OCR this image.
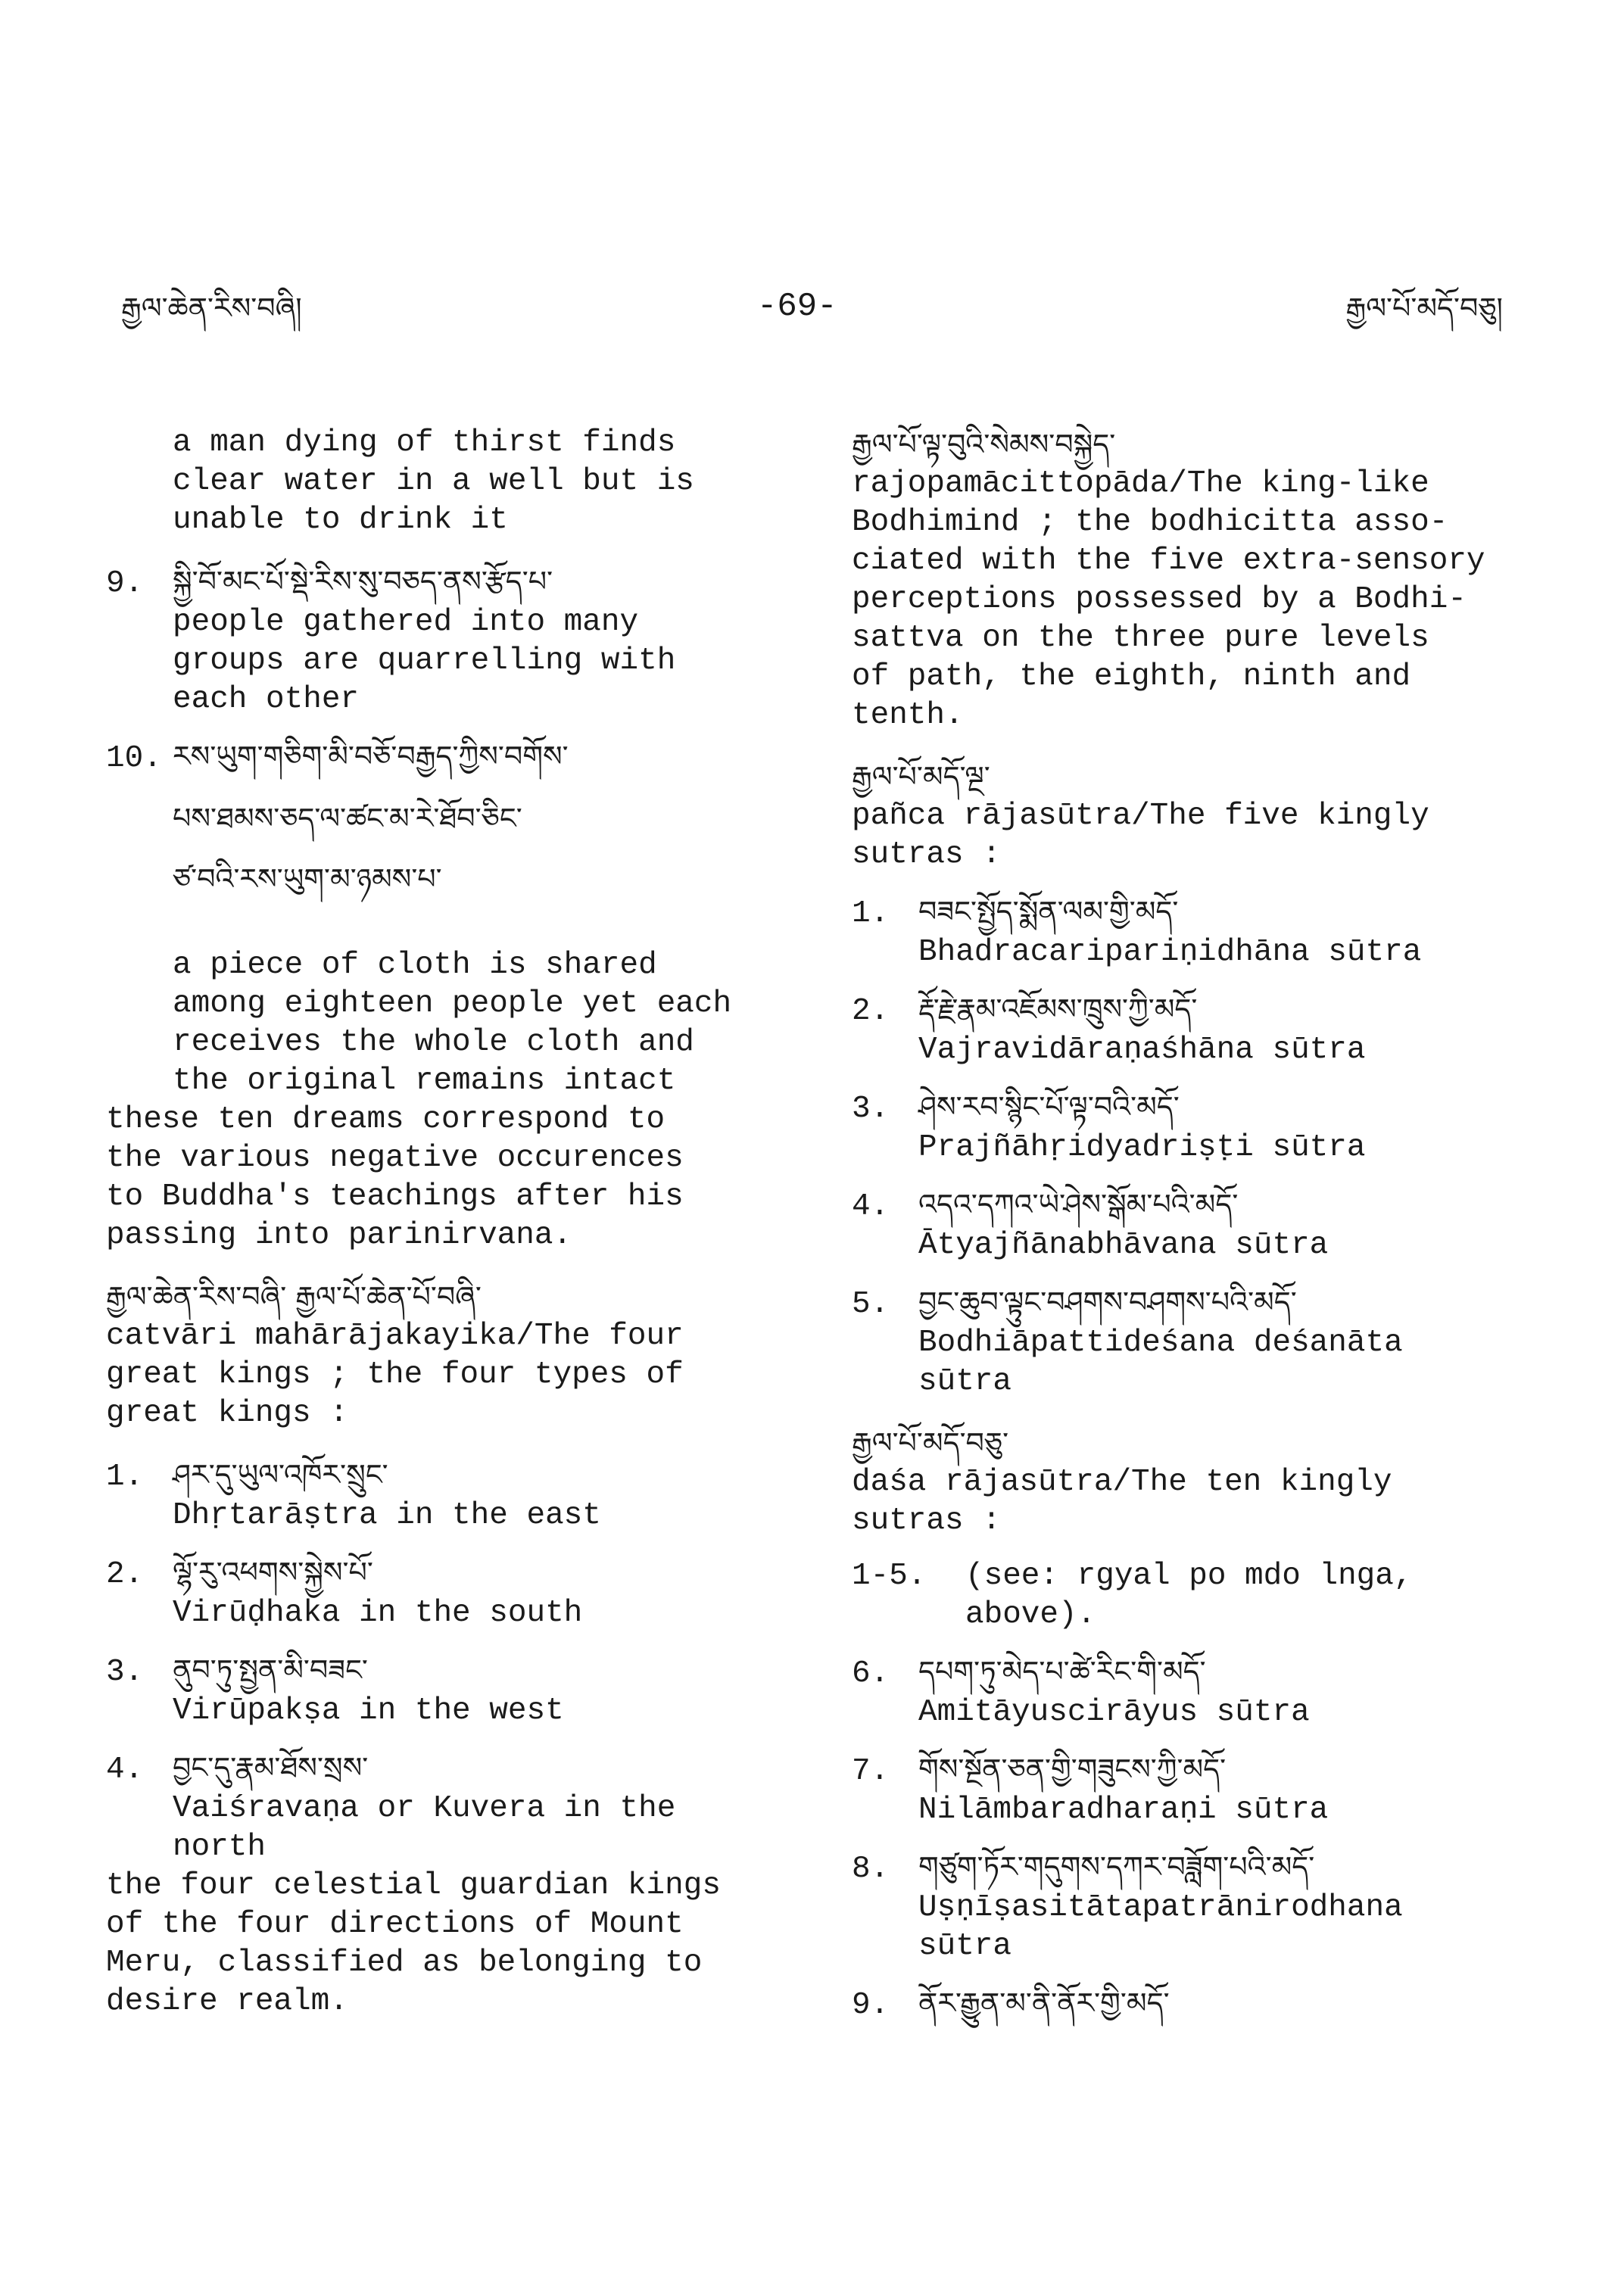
རྒྱལ་ཆེན་རིས་བཞི།	-69-	རྒྱལ་པོ་མདོ་བཅུ།
a man dying of thirst finds
clear water in a well but is
unable to drink it
9. སྐྱི་བོ་མང་པོ་སྡེ་རིས་སུ་བཅད་ནས་རྩོད་པ་
people gathered into many
groups are quarrelling with
each other
10. རས་ཡུག་གཅིག་མི་བཅོ་བརྒྱད་ཀྱིས་བགོས་
པས་ཐམས་ཅད་ལ་ཚང་མ་རེ་ཐོབ་ཅིང་
ཙ་བའི་རས་ཡུག་མ་ཉམས་པ་
a piece of cloth is shared
among eighteen people yet each
receives the whole cloth and
the original remains intact
these ten dreams correspond to
the various negative occurences
to Buddha's teachings after his
passing into parinirvana.
རྒྱལ་ཆེན་རིས་བཞི་ རྒྱལ་པོ་ཆེན་པོ་བཞི་
catvāri mahārājakayika/The four
great kings ; the four types of
great kings :
1. ཤར་དུ་ཡུལ་འཁོར་སྲུང་
Dhṛtarāṣtra in the east
2. ལྷོ་རུ་འཕགས་སྐྱེས་པོ་
Virūḍhaka in the south
3. ནུབ་ཏུ་སྤྱན་མི་བཟང་
Virūpakṣa in the west
4. བྱང་དུ་རྣམ་ཐོས་སྲས་
Vaiśravaṇa or Kuvera in the
north
the four celestial guardian kings
of the four directions of Mount
Meru, classified as belonging to
desire realm.
རྒྱལ་པོ་ལྟ་བུའི་སེམས་བསྐྱེད་
rajopamācittopāda/The king-like
Bodhimind ; the bodhicitta asso-
ciated with the five extra-sensory
perceptions possessed by a Bodhi-
sattva on the three pure levels
of path, the eighth, ninth and
tenth.
རྒྱལ་པོ་མདོ་ལྔ་
pañca rājasūtra/The five kingly
sutras :
1. བཟང་སྤྱོད་སྨོན་ལམ་གྱི་མདོ་
Bhadracaripariṇidhāna sūtra
2. རྡོ་རྗེ་རྣམ་འཇོམས་ཁྲུས་ཀྱི་མདོ་
Vajravidāraṇaśhāna sūtra
3. ཤེས་རབ་སྙིང་པོ་ལྟ་བའི་མདོ་
Prajñāhṛidyadriṣṭi sūtra
4. འདའ་དཀའ་ཡེ་ཤེས་སྒོམ་པའི་མདོ་
Ātyajñānabhāvana sūtra
5. བྱང་ཆུབ་ལྟུང་བཤགས་བཤགས་པའི་མདོ་
Bodhiāpattideśana deśanāta
sūtra
རྒྱལ་པོ་མདོ་བཅུ་
daśa rājasūtra/The ten kingly
sutras :
1-5. (see: rgyal po mdo lnga,
above).
6. དཔག་ཏུ་མེད་པ་ཚེ་རིང་གི་མདོ་
Amitāyuscirāyus sūtra
7. གོས་སྔོན་ཅན་གྱི་གཟུངས་ཀྱི་མདོ་
Nilāmbaradharaṇi sūtra
8. གཙུག་ཏོར་གདུགས་དཀར་བཟློག་པའི་མདོ་
Uṣṇīṣasitātapatrānirodhana
sūtra
9. ནོར་རྒྱུན་མ་ནི་ནོར་གྱི་མདོ་
